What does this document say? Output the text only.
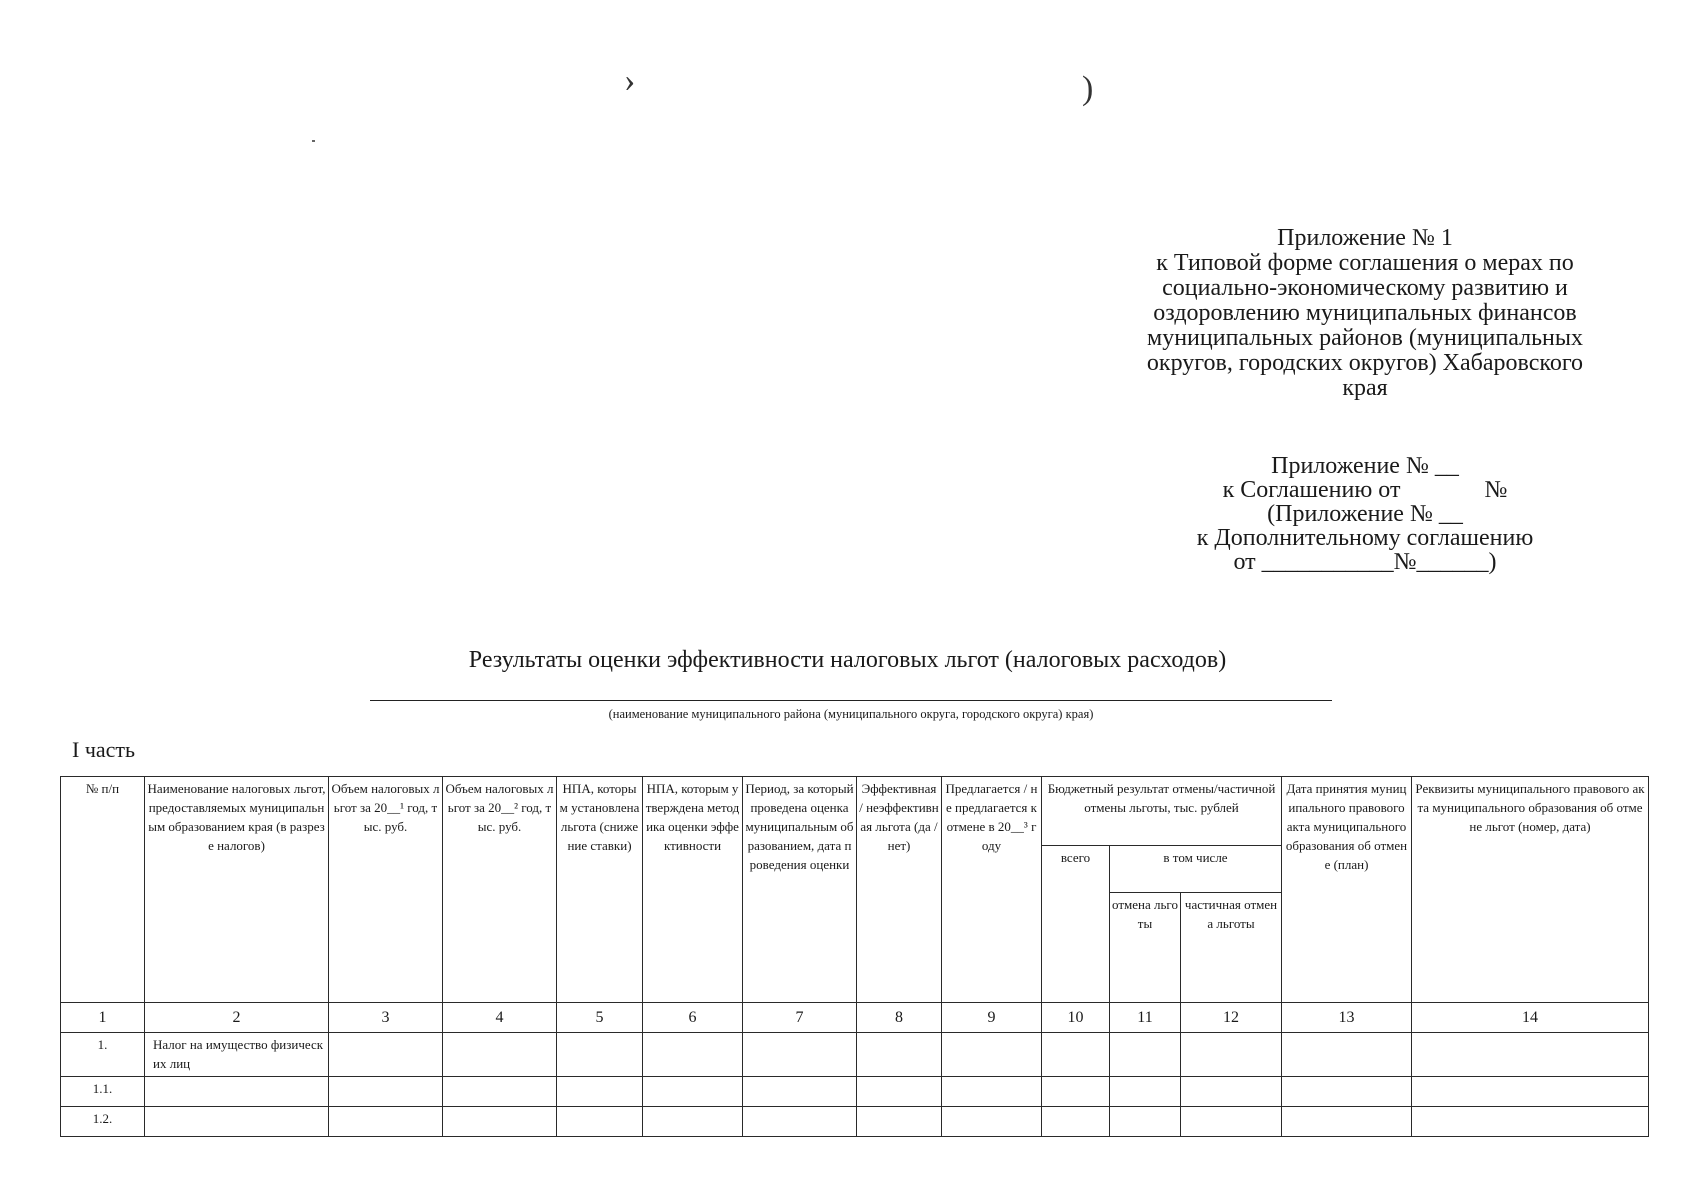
›	)
Приложение № 1
к Типовой форме соглашения о мерах по
социально-экономическому развитию и
оздоровлению муниципальных финансов
муниципальных районов (муниципальных
округов, городских округов) Хабаровского
края
Приложение № __
к Соглашению от              №
(Приложение № __
к Дополнительному соглашению
от ___________№______)
Результаты оценки эффективности налоговых льгот (налоговых расходов)
(наименование муниципального района (муниципального округа, городского округа) края)
I часть
№ п/п	Наименование налоговых льгот, предоставляемых муниципальным образованием края (в разрезе налогов)	Объем налоговых льгот за 20__¹ год, тыс. руб.	Объем налоговых льгот за 20__² год, тыс. руб.	НПА, которым установлена льгота (снижение ставки)	НПА, которым утверждена методика оценки эффективности	Период, за который проведена оценка муниципальным образованием, дата проведения оценки	Эффективная / неэффективная льгота (да /нет)	Предлагается / не предлагается к отмене в 20__³ году	Бюджетный результат отмены/частичной отмены льготы, тыс. рублей			Дата принятия муниципального правового акта муниципального образования об отмене (план)	Реквизиты муниципального правового акта муниципального образования об отмене льгот (номер, дата)
									всего	в том числе			
										отмена льготы	частичная отмена льготы		
1	2	3	4	5	6	7	8	9	10	11	12	13	14
1.	Налог на имущество физических лиц												
1.1.													
1.2.													
